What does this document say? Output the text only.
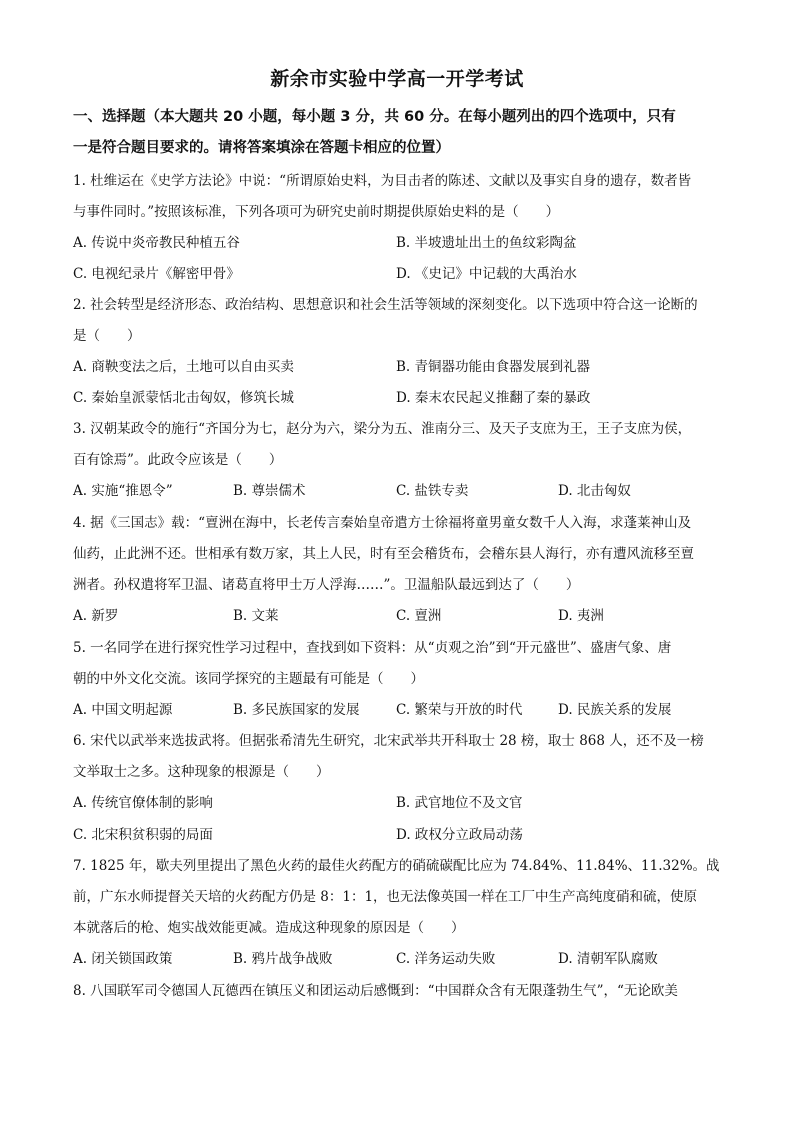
新余市实验中学高一开学考试
一、选择题（本大题共 20 小题，每小题 3 分，共 60 分。在每小题列出的四个选项中，只有
一是符合题目要求的。请将答案填涂在答题卡相应的位置）
1. 杜维运在《史学方法论》中说：“所谓原始史料，为目击者的陈述、文献以及事实自身的遗存，数者皆
与事件同时。”按照该标准，下列各项可为研究史前时期提供原始史料的是（　　）
A. 传说中炎帝教民种植五谷	B. 半坡遗址出土的鱼纹彩陶盆
C. 电视纪录片《解密甲骨》	D. 《史记》中记载的大禹治水
2. 社会转型是经济形态、政治结构、思想意识和社会生活等领域的深刻变化。以下选项中符合这一论断的
是（　　）
A. 商鞅变法之后，土地可以自由买卖	B. 青铜器功能由食器发展到礼器
C. 秦始皇派蒙恬北击匈奴，修筑长城	D. 秦末农民起义推翻了秦的暴政
3. 汉朝某政令的施行“齐国分为七，赵分为六，梁分为五、淮南分三、及天子支庶为王，王子支庶为侯，
百有馀焉”。此政令应该是（　　）
A. 实施“推恩令”	B. 尊崇儒术	C. 盐铁专卖	D. 北击匈奴
4. 据《三国志》载：“亶洲在海中，长老传言秦始皇帝遣方士徐福将童男童女数千人入海，求蓬莱神山及
仙药，止此洲不还。世相承有数万家，其上人民，时有至会稽货布，会稽东县人海行，亦有遭风流移至亶
洲者。孙权遣将军卫温、诸葛直将甲士万人浮海……”。卫温船队最远到达了（　　）
A. 新罗	B. 文莱	C. 亶洲	D. 夷洲
5. 一名同学在进行探究性学习过程中，查找到如下资料：从“贞观之治”到“开元盛世”、盛唐气象、唐
朝的中外文化交流。该同学探究的主题最有可能是（　　）
A. 中国文明起源	B. 多民族国家的发展	C. 繁荣与开放的时代	D. 民族关系的发展
6. 宋代以武举来选拔武将。但据张希清先生研究，北宋武举共开科取士 28 榜，取士 868 人，还不及一榜
文举取士之多。这种现象的根源是（　　）
A. 传统官僚体制的影响	B. 武官地位不及文官
C. 北宋积贫积弱的局面	D. 政权分立政局动荡
7. 1825 年，歇夫列里提出了黑色火药的最佳火药配方的硝硫碳配比应为 74.84%、11.84%、11.32%。战
前，广东水师提督关天培的火药配方仍是 8：1：1，也无法像英国一样在工厂中生产高纯度硝和硫，使原
本就落后的枪、炮实战效能更减。造成这种现象的原因是（　　）
A. 闭关锁国政策	B. 鸦片战争战败	C. 洋务运动失败	D. 清朝军队腐败
8. 八国联军司令德国人瓦德西在镇压义和团运动后感慨到：“中国群众含有无限蓬勃生气”，“无论欧美
